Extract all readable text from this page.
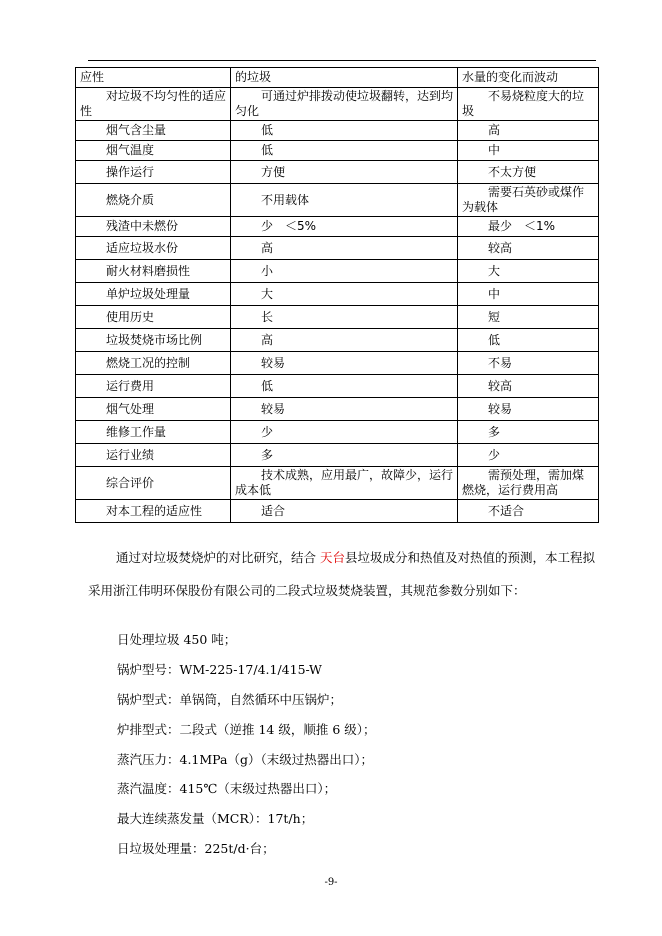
应性	的垃圾	水量的变化而波动

对垃圾不均匀性的适应性	可通过炉排拨动使垃圾翻转，达到均匀化	不易烧粒度大的垃圾

烟气含尘量	低	高
烟气温度	低	中
操作运行	方便	不太方便
燃烧介质	不用载体	需要石英砂或煤作为载体

残渣中未燃份	少　＜5%	最少　＜1%
适应垃圾水份	高	较高
耐火材料磨损性	小	大
单炉垃圾处理量	大	中
使用历史	长	短
垃圾焚烧市场比例	高	低
燃烧工况的控制	较易	不易
运行费用	低	较高
烟气处理	较易	较易
维修工作量	少	多
运行业绩	多	少
综合评价	技术成熟，应用最广，故障少，运行成本低	需预处理，需加煤燃烧，运行费用高

对本工程的适应性	适合	不适合
通过对垃圾焚烧炉的对比研究，结合 天台县垃圾成分和热值及对热值的预测，本工程拟采用浙江伟明环保股份有限公司的二段式垃圾焚烧装置，其规范参数分别如下：
日处理垃圾 450 吨；
锅炉型号：WM-225-17/4.1/415-W
锅炉型式：单锅筒，自然循环中压锅炉；
炉排型式：二段式（逆推 14 级，顺推 6 级）；
蒸汽压力：4.1MPa（g）（末级过热器出口）；
蒸汽温度：415℃（末级过热器出口）；
最大连续蒸发量（MCR）：17t/h；
日垃圾处理量：225t/d·台；
-9-
